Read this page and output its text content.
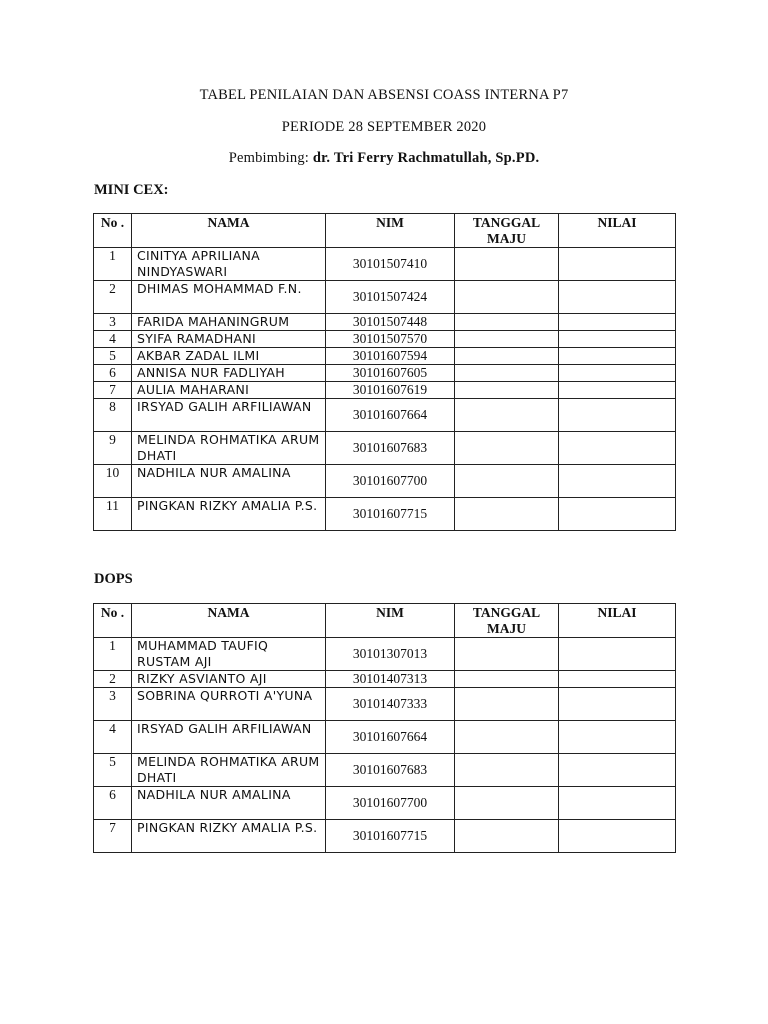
TABEL PENILAIAN DAN ABSENSI COASS INTERNA P7
PERIODE 28 SEPTEMBER 2020
Pembimbing: dr. Tri Ferry Rachmatullah, Sp.PD.
MINI CEX:
No .	NAMA	NIM	TANGGAL MAJU	NILAI
1	CINITYA APRILIANA NINDYASWARI	30101507410		
2	DHIMAS MOHAMMAD F.N.	30101507424		
3	FARIDA MAHANINGRUM	30101507448		
4	SYIFA RAMADHANI	30101507570		
5	AKBAR ZADAL ILMI	30101607594		
6	ANNISA NUR FADLIYAH	30101607605		
7	AULIA MAHARANI	30101607619		
8	IRSYAD GALIH ARFILIAWAN	30101607664		
9	MELINDA ROHMATIKA ARUM DHATI	30101607683		
10	NADHILA NUR AMALINA	30101607700		
11	PINGKAN RIZKY AMALIA P.S.	30101607715		
DOPS
No .	NAMA	NIM	TANGGAL MAJU	NILAI
1	MUHAMMAD TAUFIQ RUSTAM AJI	30101307013		
2	RIZKY ASVIANTO AJI	30101407313		
3	SOBRINA QURROTI A'YUNA	30101407333		
4	IRSYAD GALIH ARFILIAWAN	30101607664		
5	MELINDA ROHMATIKA ARUM DHATI	30101607683		
6	NADHILA NUR AMALINA	30101607700		
7	PINGKAN RIZKY AMALIA P.S.	30101607715		
